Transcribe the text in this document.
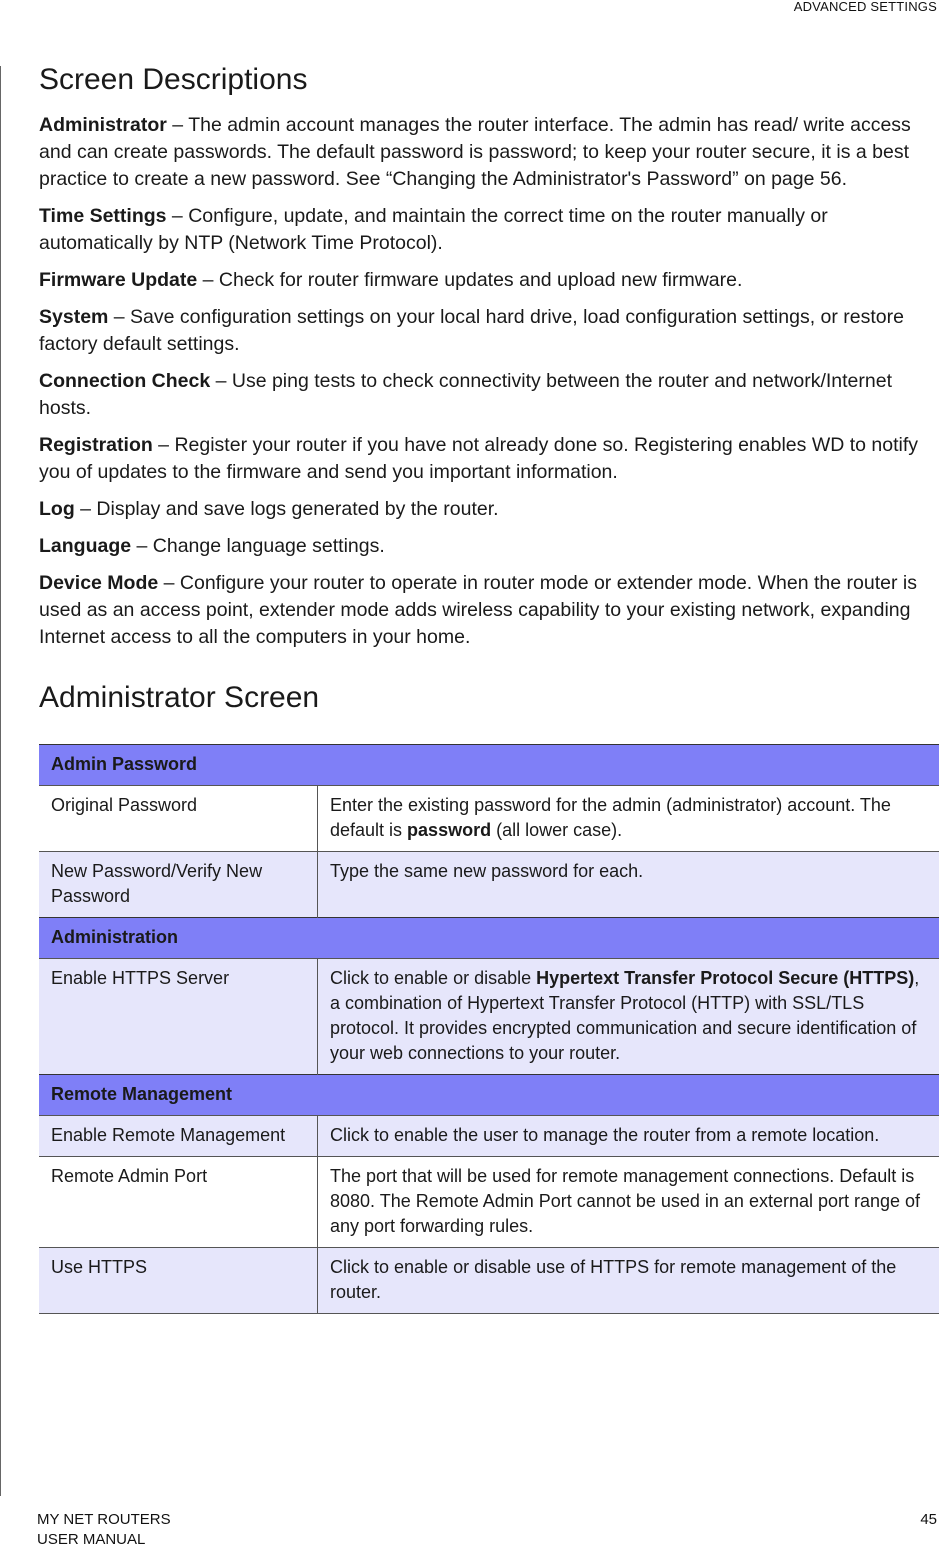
ADVANCED SETTINGS
Screen Descriptions

Administrator – The admin account manages the router interface. The admin has read/ write access and can create passwords. The default password is password; to keep your router secure, it is a best practice to create a new password. See “Changing the Administrator's Password” on page 56.

Time Settings – Configure, update, and maintain the correct time on the router manually or automatically by NTP (Network Time Protocol).

Firmware Update – Check for router firmware updates and upload new firmware.

System – Save configuration settings on your local hard drive, load configuration settings, or restore factory default settings.

Connection Check – Use ping tests to check connectivity between the router and network/Internet hosts.

Registration – Register your router if you have not already done so. Registering enables WD to notify you of updates to the firmware and send you important information.

Log – Display and save logs generated by the router.

Language – Change language settings.

Device Mode – Configure your router to operate in router mode or extender mode. When the router is used as an access point, extender mode adds wireless capability to your existing network, expanding Internet access to all the computers in your home.

Administrator Screen
Admin Password	
Original Password	Enter the existing password for the admin (administrator) account. The default is password (all lower case).
New Password/Verify New Password	Type the same new password for each.
Administration	
Enable HTTPS Server	Click to enable or disable Hypertext Transfer Protocol Secure (HTTPS), a combination of Hypertext Transfer Protocol (HTTP) with SSL/TLS protocol. It provides encrypted communication and secure identification of your web connections to your router.
Remote Management	
Enable Remote Management	Click to enable the user to manage the router from a remote location.
Remote Admin Port	The port that will be used for remote management connections. Default is 8080. The Remote Admin Port cannot be used in an external port range of any port forwarding rules.
Use HTTPS	Click to enable or disable use of HTTPS for remote management of the router.
MY NET ROUTERS
USER MANUAL
45
